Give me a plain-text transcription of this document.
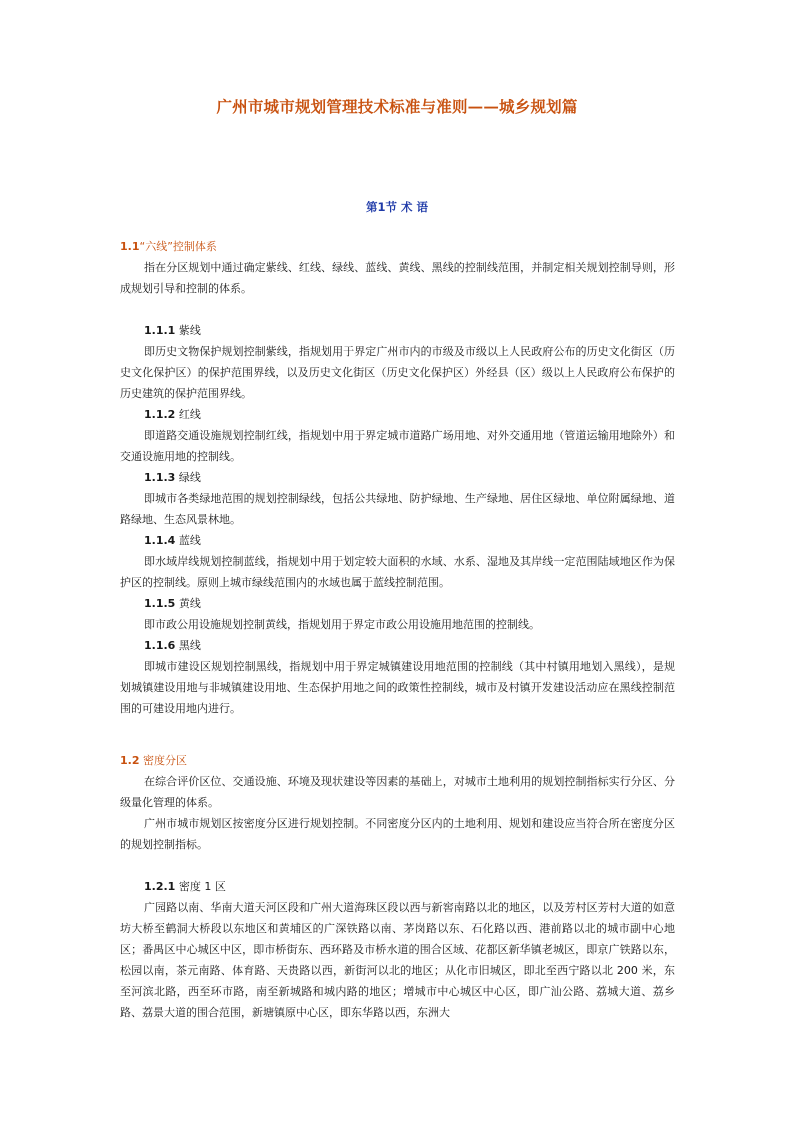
广州市城市规划管理技术标准与准则——城乡规划篇
第1节 术 语

1.1“六线”控制体系

指在分区规划中通过确定紫线、红线、绿线、蓝线、黄线、黑线的控制线范围，并制定相关规划控制导则，形成规划引导和控制的体系。

1.1.1 紫线

即历史文物保护规划控制紫线，指规划用于界定广州市内的市级及市级以上人民政府公布的历史文化街区（历史文化保护区）的保护范围界线，以及历史文化街区（历史文化保护区）外经县（区）级以上人民政府公布保护的历史建筑的保护范围界线。

1.1.2 红线

即道路交通设施规划控制红线，指规划中用于界定城市道路广场用地、对外交通用地（管道运输用地除外）和交通设施用地的控制线。

1.1.3 绿线

即城市各类绿地范围的规划控制绿线，包括公共绿地、防护绿地、生产绿地、居住区绿地、单位附属绿地、道路绿地、生态风景林地。

1.1.4 蓝线

即水域岸线规划控制蓝线，指规划中用于划定较大面积的水域、水系、湿地及其岸线一定范围陆域地区作为保护区的控制线。原则上城市绿线范围内的水域也属于蓝线控制范围。

1.1.5 黄线

即市政公用设施规划控制黄线，指规划用于界定市政公用设施用地范围的控制线。

1.1.6 黑线

即城市建设区规划控制黑线，指规划中用于界定城镇建设用地范围的控制线（其中村镇用地划入黑线），是规划城镇建设用地与非城镇建设用地、生态保护用地之间的政策性控制线，城市及村镇开发建设活动应在黑线控制范围的可建设用地内进行。

1.2 密度分区

在综合评价区位、交通设施、环境及现状建设等因素的基础上，对城市土地利用的规划控制指标实行分区、分级量化管理的体系。

广州市城市规划区按密度分区进行规划控制。不同密度分区内的土地利用、规划和建设应当符合所在密度分区的规划控制指标。

1.2.1 密度 1 区

广园路以南、华南大道天河区段和广州大道海珠区段以西与新窖南路以北的地区，以及芳村区芳村大道的如意坊大桥至鹤洞大桥段以东地区和黄埔区的广深铁路以南、茅岗路以东、石化路以西、港前路以北的城市副中心地区；番禺区中心城区中区，即市桥街东、西环路及市桥水道的围合区域、花都区新华镇老城区，即京广铁路以东，松园以南，茶元南路、体育路、天贵路以西，新街河以北的地区；从化市旧城区，即北至西宁路以北 200 米，东至河滨北路，西至环市路，南至新城路和城内路的地区；增城市中心城区中心区，即广汕公路、荔城大道、荔乡路、荔景大道的围合范围，新塘镇原中心区，即东华路以西，东洲大
